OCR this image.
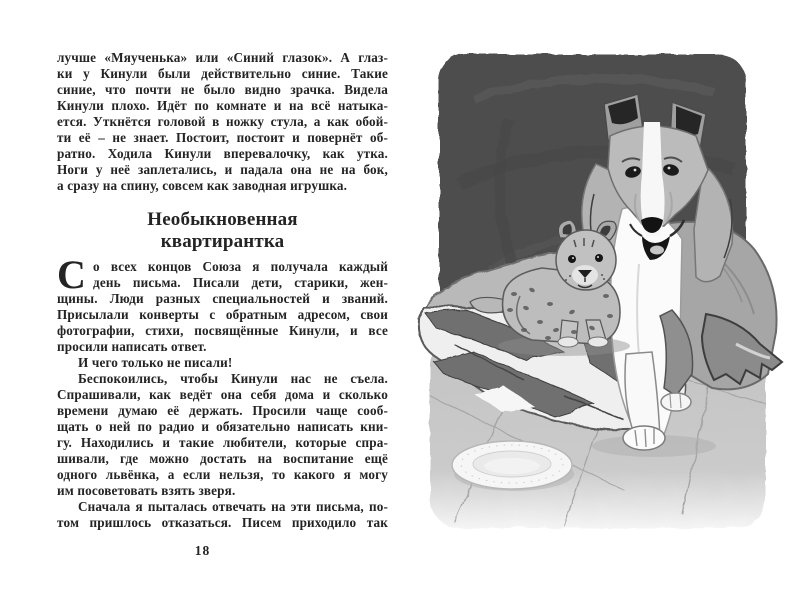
лучше «Мяученька» или «Синий глазок». А глаз-
ки у Кинули были действительно синие. Такие
синие, что почти не было видно зрачка. Видела
Кинули плохо. Идёт по комнате и на всё натыка-
ется. Уткнётся головой в ножку стула, а как обой-
ти её – не знает. Постоит, постоит и повернёт об-
ратно. Ходила Кинули вперевалочку, как утка.
Ноги у неё заплетались, и падала она не на бок,
а сразу на спину, совсем как заводная игрушка.
Необыкновенная
квартирантка
С о всех концов Союза я получала каждый
день письма. Писали дети, старики, жен-
щины. Люди разных специальностей и званий.
Присылали конверты с обратным адресом, свои
фотографии, стихи, посвящённые Кинули, и все
просили написать ответ.
И чего только не писали!
Беспокоились, чтобы Кинули нас не съела.
Спрашивали, как ведёт она себя дома и сколько
времени думаю её держать. Просили чаще сооб-
щать о ней по радио и обязательно написать кни-
гу. Находились и такие любители, которые спра-
шивали, где можно достать на воспитание ещё
одного львёнка, а если нельзя, то какого я могу
им посоветовать взять зверя.
Сначала я пыталась отвечать на эти письма, по-
том пришлось отказаться. Писем приходило так
18
